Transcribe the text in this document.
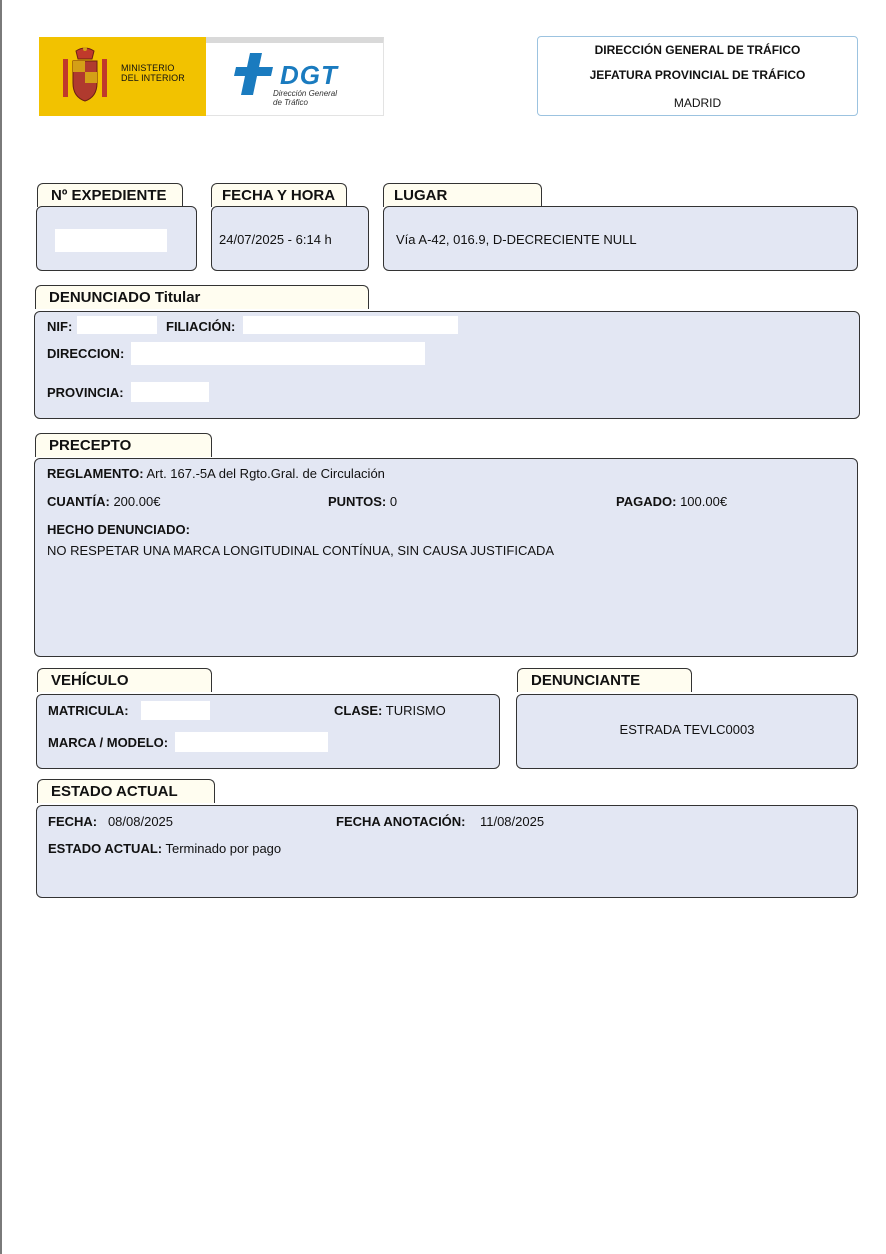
MINISTERIO
DEL INTERIOR	DGT
Dirección General
de Tráfico
DIRECCIÓN GENERAL DE TRÁFICO
JEFATURA PROVINCIAL DE TRÁFICO
MADRID
Nº EXPEDIENTE	FECHA Y HORA
24/07/2025 - 6:14 h
LUGAR
Vía A-42, 016.9, D-DECRECIENTE NULL
DENUNCIADO Titular
NIF:	FILIACIÓN:
DIRECCION:
PROVINCIA:
PRECEPTO
REGLAMENTO: Art. 167.-5A del Rgto.Gral. de Circulación
CUANTÍA: 200.00€	PUNTOS: 0	PAGADO: 100.00€
HECHO DENUNCIADO:
NO RESPETAR UNA MARCA LONGITUDINAL CONTÍNUA, SIN CAUSA JUSTIFICADA
VEHÍCULO
MATRICULA:	CLASE: TURISMO
MARCA / MODELO:
DENUNCIANTE
ESTRADA TEVLC0003
ESTADO ACTUAL
FECHA: 08/08/2025	FECHA ANOTACIÓN: 11/08/2025
ESTADO ACTUAL: Terminado por pago
